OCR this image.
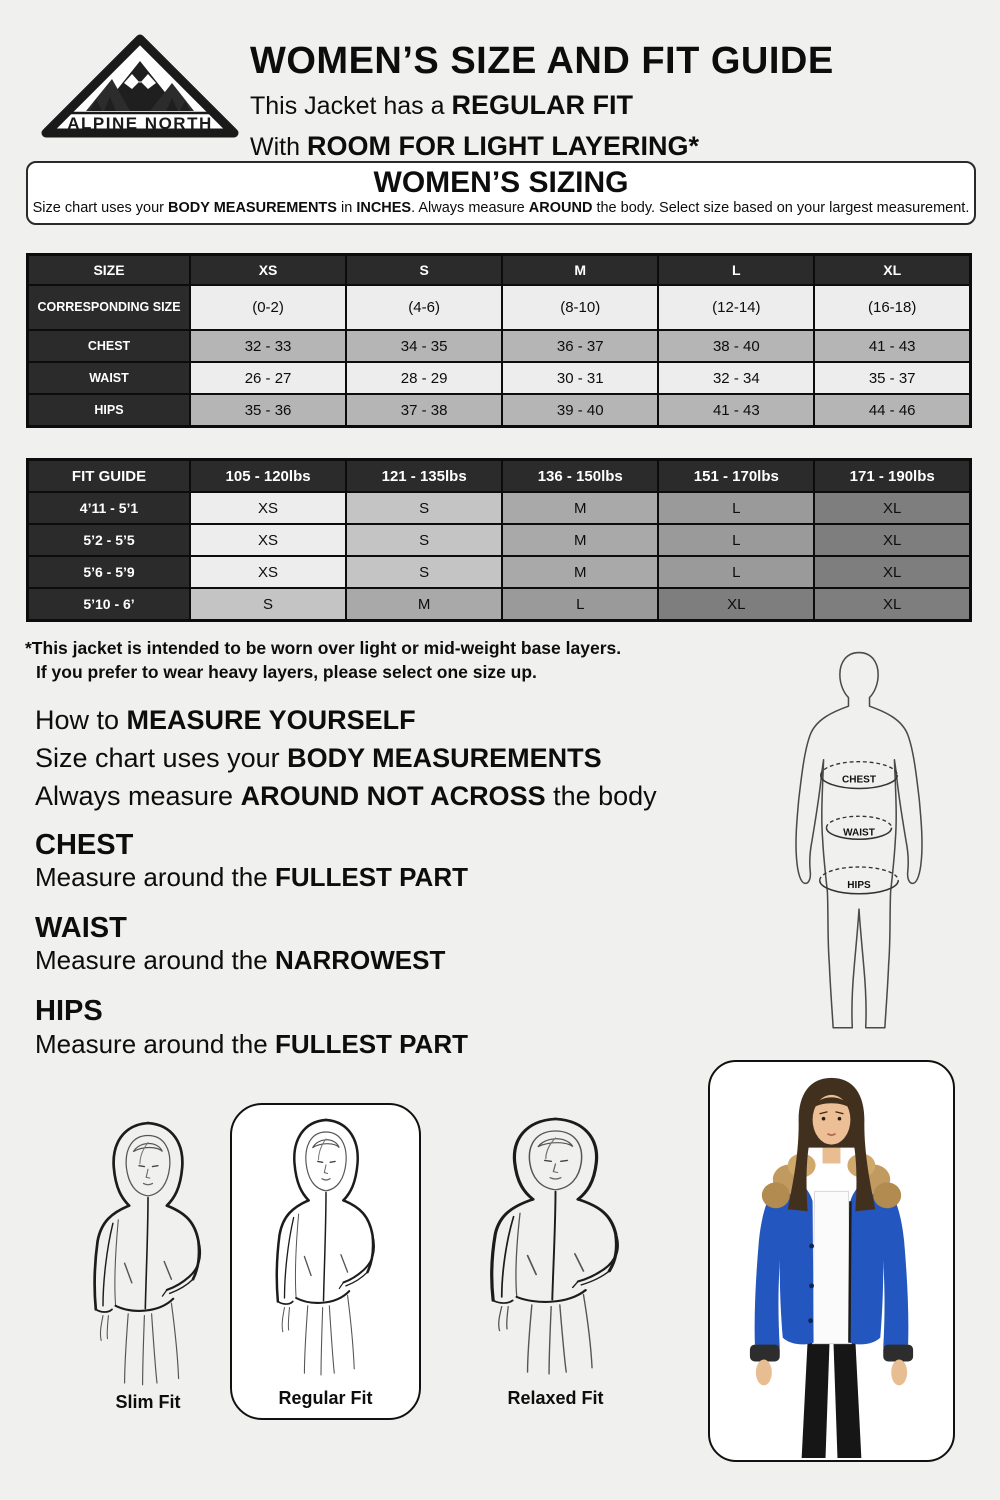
ALPINE NORTH
WOMEN’S SIZE AND FIT GUIDE
This Jacket has a REGULAR FIT
With ROOM FOR LIGHT LAYERING*
WOMEN’S SIZING
Size chart uses your BODY MEASUREMENTS in INCHES. Always measure AROUND the body. Select size based on your largest measurement.
SIZE	XS	S	M	L	XL
CORRESPONDING SIZE	(0-2)	(4-6)	(8-10)	(12-14)	(16-18)
CHEST	32 - 33	34 - 35	36 - 37	38 - 40	41 - 43
WAIST	26 - 27	28 - 29	30 - 31	32 - 34	35 - 37
HIPS	35 - 36	37 - 38	39 - 40	41 - 43	44 - 46
FIT GUIDE	105 - 120lbs	121 - 135lbs	136 - 150lbs	151 - 170lbs	171 - 190lbs
4’11 - 5’1	XS	S	M	L	XL
5’2 - 5’5	XS	S	M	L	XL
5’6 - 5’9	XS	S	M	L	XL
5’10 - 6’	S	M	L	XL	XL
*This jacket is intended to be worn over light or mid-weight base layers.
If you prefer to wear heavy layers, please select one size up.
How to MEASURE YOURSELF
Size chart uses your BODY MEASUREMENTS
Always measure AROUND NOT ACROSS the body
CHEST

Measure around the FULLEST PART

WAIST

Measure around the NARROWEST

HIPS

Measure around the FULLEST PART

CHEST
WAIST
HIPS
Slim Fit	Regular Fit	Relaxed Fit
